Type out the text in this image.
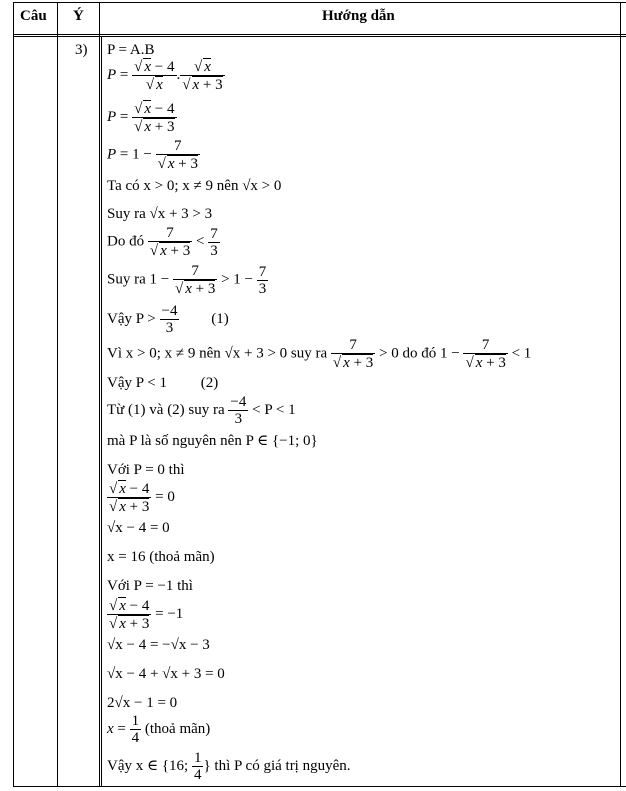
Câu Ý	Hướng dẫn
3) P = A.B
$P = \frac{√ x - 4}{√ x}$ . $\frac{√ x}{√ x + 3}$
$P = \frac{√ x - 4}{√ x + 3}$
$P = 1 - \frac{7}{√ x + 3}$
Ta có x > 0; x ≠ 9 nên √x > 0
Suy ra √x + 3 > 3
Do đó $\frac{7}{√ x + 3} < \frac{7}{3}$
Suy ra $1 - \frac{7}{√ x + 3} > 1 - \frac{7}{3}$
Vậy $P > \frac{-4}{3} (1)$
Vì x > 0; x ≠ 9 nên √x + 3 > 0 suy ra $\frac{7}{√ x + 3} > 0$ do đó $1 - \frac{7}{√ x + 3} < 1$
Vậy P < 1 (2)
Từ (1) và (2) suy ra $\frac{-4}{3} < P < 1$
mà P là số nguyên nên P ∈ {−1; 0}
Với P = 0 thì
$\frac{√ x - 4}{√ x + 3} = 0$
√x − 4 = 0
x = 16 (thoả mãn)
Với P = −1 thì
$\frac{√ x - 4}{√ x + 3} = -1$
√x − 4 = −√x − 3
√x − 4 + √x + 3 = 0
2√x − 1 = 0
$x = \frac{1}{4}$ (thoả mãn)
Vậy x ∈ {16; $\frac{1}{4}$ } thì P có giá trị nguyên.
